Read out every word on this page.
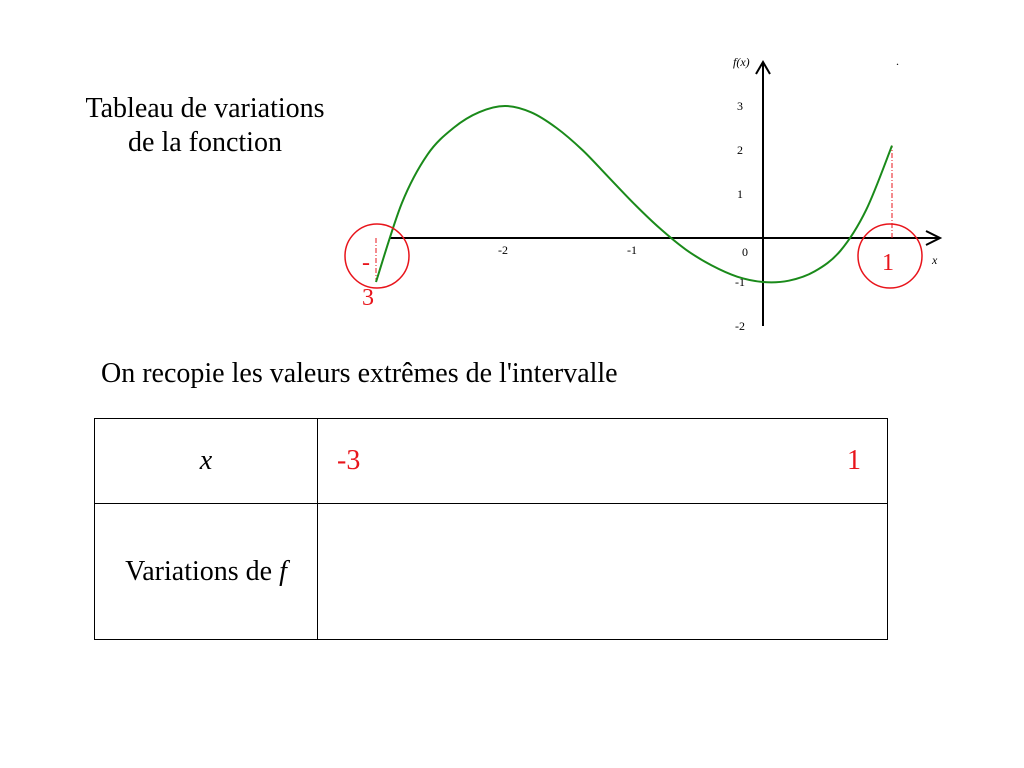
Tableau de variations
de la fonction
f(x)
x
.
0
-2	-1
3
2
1
-1
-2
-
3
1
On recopie les valeurs extrêmes de l'intervalle
x	-3 1

Variations de f	
